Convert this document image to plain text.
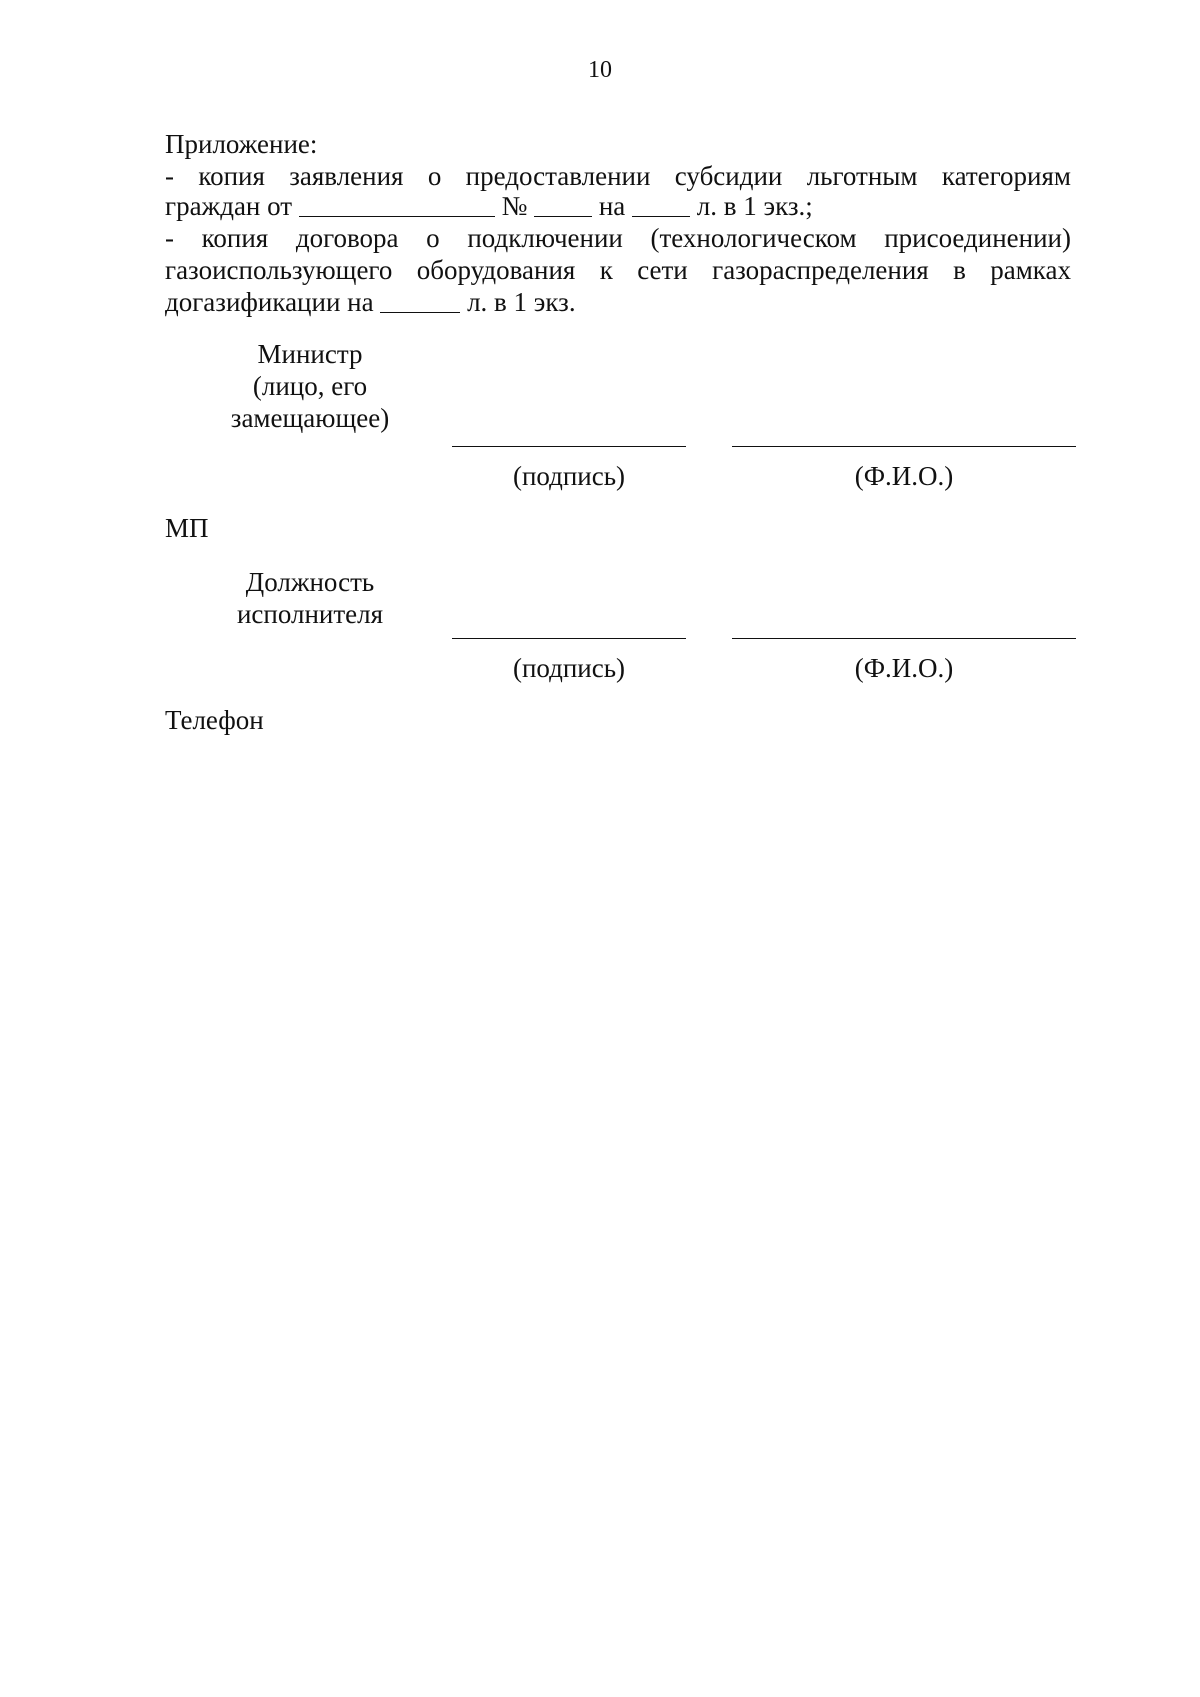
10
Приложение:
- копия заявления о предоставлении субсидии льготным категориям
граждан от	№	на	л. в 1 экз.;
- копия договора о подключении (технологическом присоединении)
газоиспользующего оборудования к сети газораспределения в рамках
догазификации на	л. в 1 экз.
Министр
(лицо, его
замещающее)
(подпись)	(Ф.И.О.)
МП
Должность
исполнителя
(подпись)	(Ф.И.О.)
Телефон
